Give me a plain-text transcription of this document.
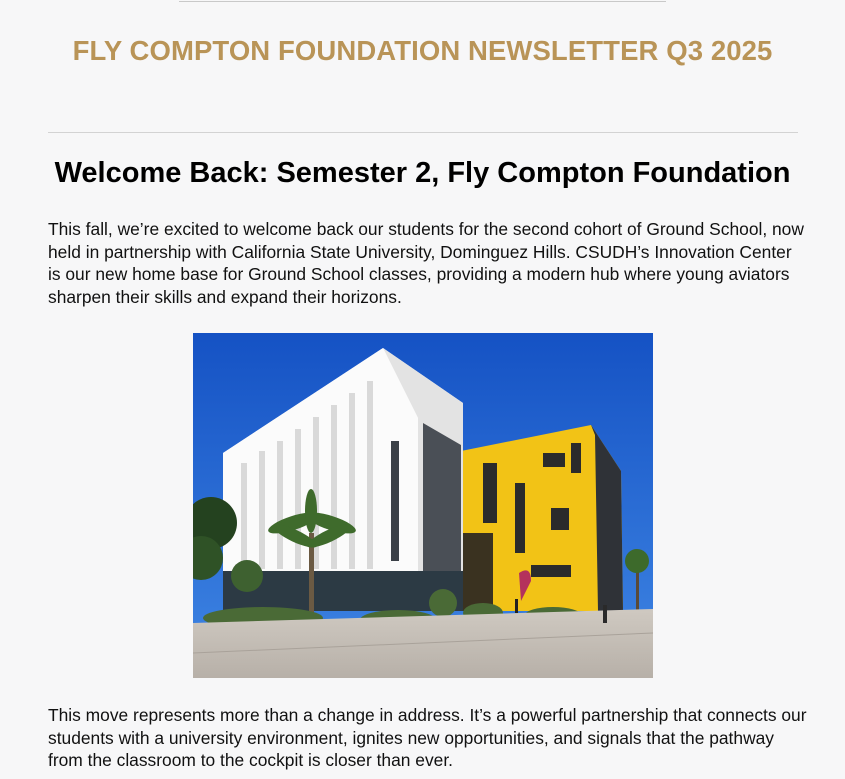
FLY COMPTON FOUNDATION NEWSLETTER Q3 2025
Welcome Back: Semester 2, Fly Compton Foundation

This fall, we’re excited to welcome back our students for the second cohort of Ground School, now held in partnership with California State University, Dominguez Hills. CSUDH’s Innovation Center is our new home base for Ground School classes, providing a modern hub where young aviators sharpen their skills and expand their horizons.

This move represents more than a change in address. It’s a powerful partnership that connects our students with a university environment, ignites new opportunities, and signals that the pathway from the classroom to the cockpit is closer than ever.
